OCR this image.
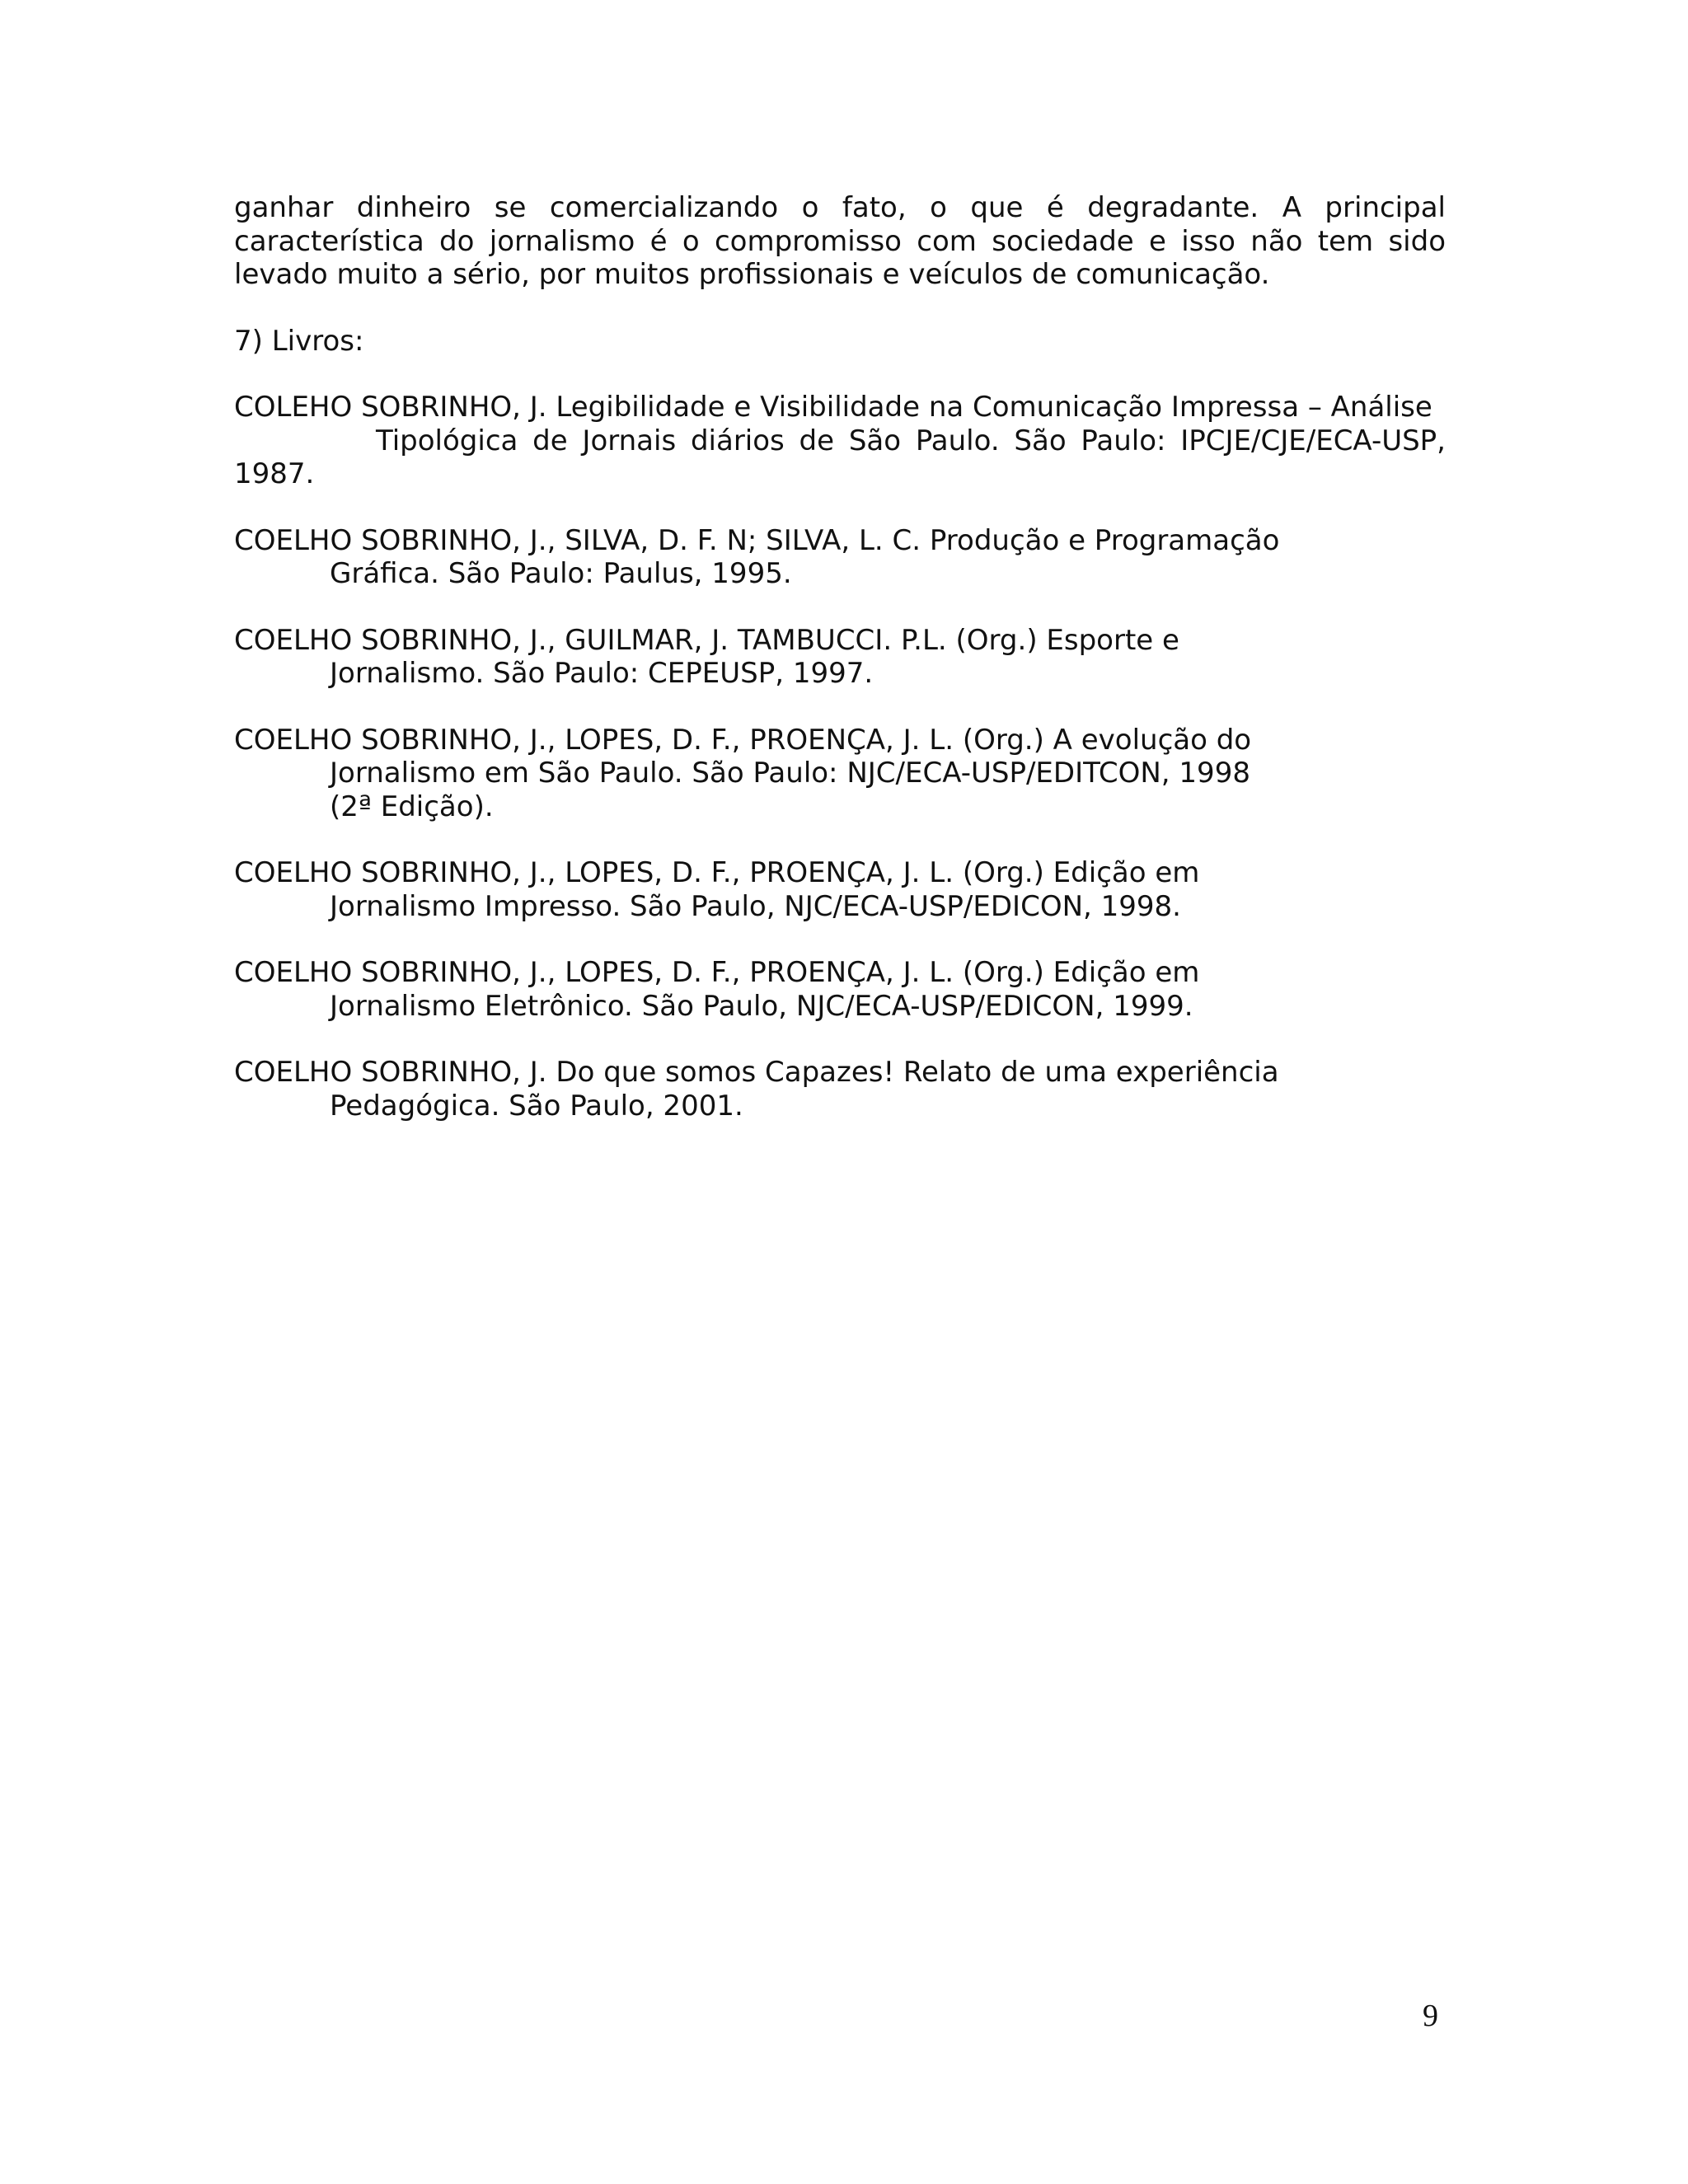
ganhar dinheiro se comercializando o fato, o que é degradante. A principal
característica do jornalismo é o compromisso com sociedade e isso não tem sido
levado muito a sério, por muitos profissionais e veículos de comunicação.

7) Livros:

COLEHO SOBRINHO, J. Legibilidade e Visibilidade na Comunicação Impressa – Análise
Tipológica de Jornais diários de São Paulo. São Paulo: IPCJE/CJE/ECA-USP,
1987.
COELHO SOBRINHO, J., SILVA, D. F. N; SILVA, L. C. Produção e Programação
Gráfica. São Paulo: Paulus, 1995.
COELHO SOBRINHO, J., GUILMAR, J. TAMBUCCI. P.L. (Org.) Esporte e
Jornalismo. São Paulo: CEPEUSP, 1997.
COELHO SOBRINHO, J., LOPES, D. F., PROENÇA, J. L. (Org.) A evolução do
Jornalismo em São Paulo. São Paulo: NJC/ECA-USP/EDITCON, 1998
(2ª Edição).
COELHO SOBRINHO, J., LOPES, D. F., PROENÇA, J. L. (Org.) Edição em
Jornalismo Impresso. São Paulo, NJC/ECA-USP/EDICON, 1998.
COELHO SOBRINHO, J., LOPES, D. F., PROENÇA, J. L. (Org.) Edição em
Jornalismo Eletrônico. São Paulo, NJC/ECA-USP/EDICON, 1999.
COELHO SOBRINHO, J. Do que somos Capazes! Relato de uma experiência
Pedagógica. São Paulo, 2001.
9
